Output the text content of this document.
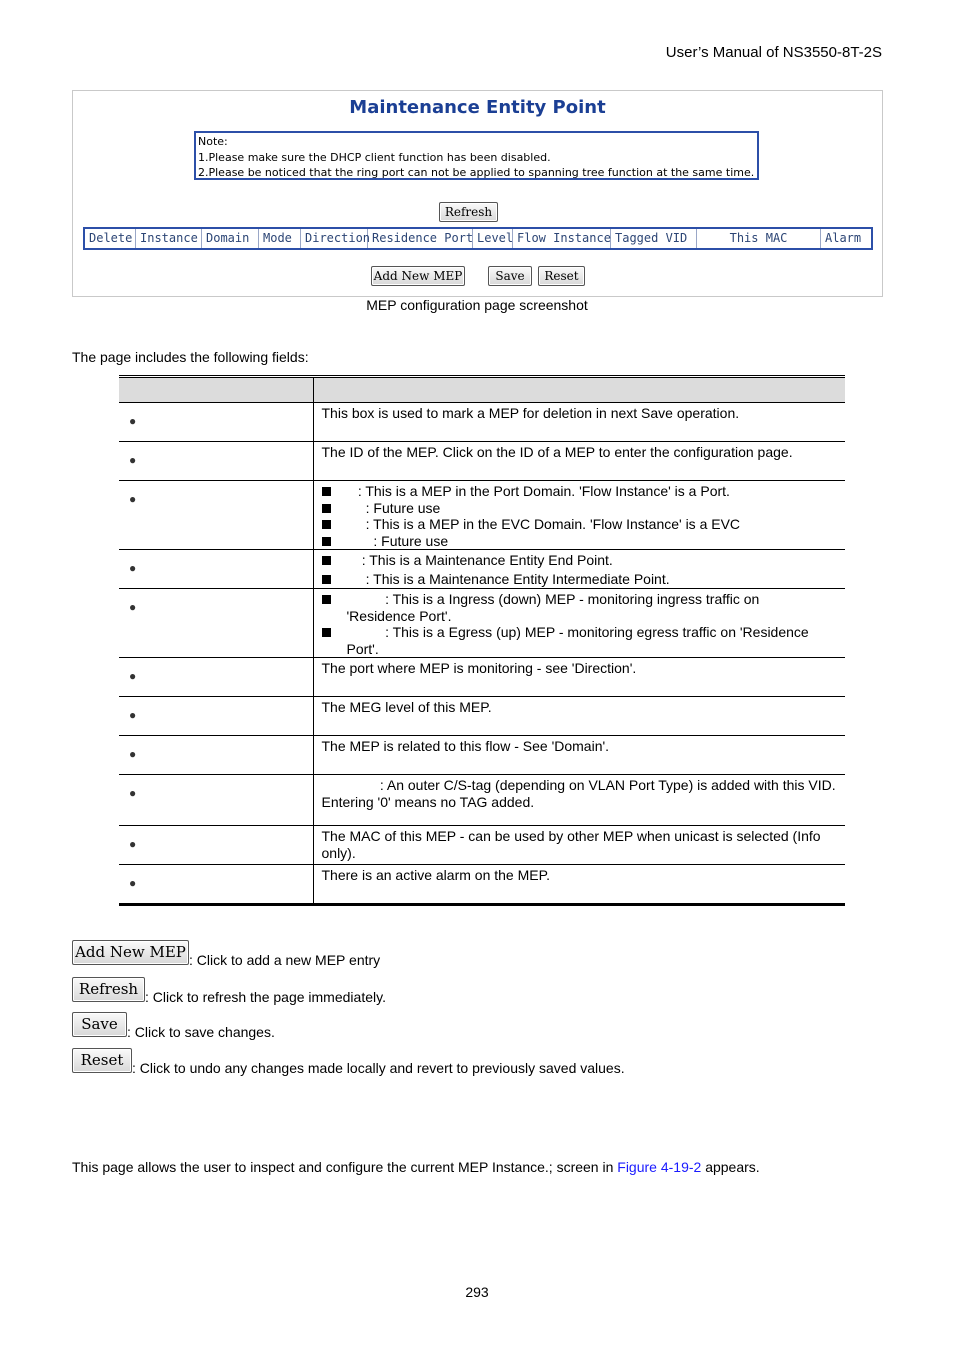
User’s Manual of NS3550-8T-2S
Maintenance Entity Point
Note:
1.Please make sure the DHCP client function has been disabled.
2.Please be noticed that the ring port can not be applied to spanning tree function at the same time.
Refresh
Delete Instance Domain	Mode	Direction Residence Port Level Flow Instance Tagged VID	This MAC	Alarm
Add New MEP	Save	Reset
MEP configuration page screenshot
The page includes the following fields:

●	This box is used to mark a MEP for deletion in next Save operation.

●	The ID of the MEP. Click on the ID of a MEP to enter the configuration page.

●	: This is a MEP in the Port Domain. 'Flow Instance' is a Port.
: Future use
: This is a MEP in the EVC Domain. 'Flow Instance' is a EVC
: Future use

●	: This is a Maintenance Entity End Point.
: This is a Maintenance Entity Intermediate Point.

●	: This is a Ingress (down) MEP - monitoring ingress traffic on
'Residence Port'.
: This is a Egress (up) MEP - monitoring egress traffic on 'Residence
Port'.

●	The port where MEP is monitoring - see 'Direction'.

●	The MEG level of this MEP.

●	The MEP is related to this flow - See 'Domain'.

●	: An outer C/S-tag (depending on VLAN Port Type) is added with this VID.
Entering '0' means no TAG added.

●	The MAC of this MEP - can be used by other MEP when unicast is selected (Info only).

●	There is an active alarm on the MEP.
Add New MEP : Click to add a new MEP entry
Refresh : Click to refresh the page immediately.
Save : Click to save changes.
Reset : Click to undo any changes made locally and revert to previously saved values.
This page allows the user to inspect and configure the current MEP Instance.; screen in Figure 4-19-2 appears.
293
